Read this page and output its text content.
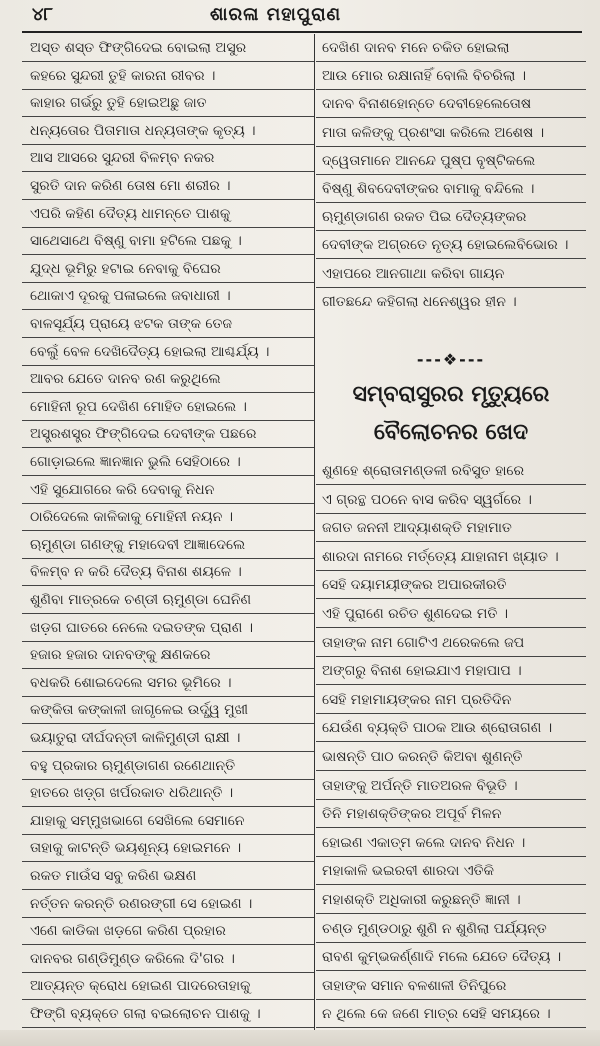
୪୮	ଶାରଳା ମହାପୁରାଣ
ଅସ୍ତ ଶସ୍ତ ଫିଙ୍ଗିଦେଇ ବୋଇଲା ଅସୁର
କହରେ ସୁନ୍ଦରୀ ତୁହି କାରନା ରୀବର ।
କାହାର ଗର୍ଭରୁ ତୁହି ହୋଇଅଛୁ ଜାତ
ଧନ୍ୟତୋର ପିତାମାତା ଧନ୍ୟତାଙ୍କ କୃତ୍ୟ ।
ଆସ ଆସରେ ସୁନ୍ଦରୀ ବିଳମ୍ବ ନକର
ସୁରତି ଦାନ କରିଣ ତୋଷ ମୋ ଶରୀର ।
ଏପରି କହିଣ ଦୈତ୍ୟ ଧାମନ୍ତେ ପାଶକୁ
ସାଥେସାଥେ ବିଷ୍ଣୁ ବାମା ହଟିଲେ ପଛକୁ ।
ଯୁଦ୍ଧ ଭୂମିରୁ ହଟାଇ ନେବାକୁ ବିଘେର
ଥୋକାଏ ଦୂରକୁ ପଳାଇଲେ ଜବାଧାରୀ ।
ବାଳସୂର୍ଯ୍ୟ ପ୍ରାୟେ ଝଟକ ତାଙ୍କ ତେଜ
ବେଲୁଁ ବେଳ ଦେଖିଦୈତ୍ୟ ହୋଇଲା ଆଶ୍ଚର୍ଯ୍ୟ ।
ଆବର ଯେତେ ଦାନବ ରଣ କରୁଥିଲେ
ମୋହିନୀ ରୂପ ଦେଖିଣ ମୋହିତ ହୋଇଲେ ।
ଅସ୍ତ୍ରଶସ୍ତ୍ର ଫିଙ୍ଗିଦେଇ ଦେବୀଙ୍କ ପଛରେ
ଗୋଡ଼ାଇଲେ ଜ୍ଞାନଜ୍ଞାନ ଭୁଲି ସେହିଠାରେ ।
ଏହି ସୁଯୋଗରେ କରି ଦେବାକୁ ନିଧନ
ଠାରିଦେଲେ କାଳିକାକୁ ମୋହିନୀ ନୟନ ।
ଋମୁଣ୍ଡା ଗଣଙ୍କୁ ମହାଦେବୀ ଆଜ୍ଞାଦେଲେ
ବିଳମ୍ବ ନ କରି ଦୈତ୍ୟ ବିନାଶ ଶୟଳେ ।
ଶୁଣିବା ମାତ୍ରକେ ଚଣ୍ଡୀ ଋମୁଣ୍ଡା ଘେନିଣ
ଖଡ଼ଗ ଘାତରେ ନେଲେ ଦଇତଙ୍କ ପ୍ରାଣ ।
ହଜାର ହଜାର ଦାନବଙ୍କୁ କ୍ଷଣକରେ
ବଧକରି ଶୋଇଦେଲେ ସମର ଭୂମିରେ ।
କଙ୍କିତା କଙ୍କାଳୀ ଜାଗୃଳେଇ ଉର୍ଦ୍ଧ୍ୱ ମୁଖୀ
ଭୟାତୁରା ଦୀର୍ଘଦନ୍ତୀ କାଳିମୁଣ୍ଡୀ ରାକ୍ଷୀ ।
ବହୁ ପ୍ରକାର ଋମୁଣ୍ଡାଗଣ ରଣେଥାନ୍ତି
ହାତରେ ଖଡ଼୍ଗ ଖର୍ପରକାତ ଧରିଥାନ୍ତି ।
ଯାହାକୁ ସମ୍ମୁଖଭାଗେ ସେଖିଲେ ସେମାନେ
ତାହାକୁ କାଟନ୍ତି ଭୟଶୂନ୍ୟ ହୋଇମନେ ।
ରକତ ମାଉଁସ ସବୁ କରିଣ ଭକ୍ଷଣ
ନର୍ତ୍ତନ କରନ୍ତି ରଣରଙ୍ଗୀ ସେ ହୋଇଣ ।
ଏଣେ କାଡିକା ଖଡ଼ଗେ କରିଣ ପ୍ରହାର
ଦାନବର ଗଣ୍ଡିମୁଣ୍ଡ କରିଲେ ଦି'ଗର ।
ଆତ୍ୟନ୍ତ କ୍ରୋଧ ହୋଇଣ ପାଦରେତାହାକୁ
ଫିଙ୍ଗି ବ୍ୟକ୍ତେ ଗଲା ବଇଲୋଚନ ପାଶକୁ ।
---❖---
ସମ୍ବରାସୁରର ମୃତ୍ୟୁରେ
ବୈଲୋଚନର ଖେଦ
ଦେଖିଣ ଦାନବ ମନେ ଚକିତ ହୋଇଲା
ଆଉ ମୋର ରକ୍ଷାନାହିଁ ବୋଲି ବିଚରିଲା ।
ଦାନବ ବିନାଶହୋନ୍ତେ ଦେବୀହେଲେତୋଷ
ମାତା କଳିଙ୍କୁ ପ୍ରଶଂସା କରିଲେ ଅଶେଷ ।
ଦ୍ୱେତାମାନେ ଆନନ୍ଦେ ପୁଷ୍ପ ବୃଷ୍ଟିକଲେ
ବିଷ୍ଣୁ ଶିବଦେବୀଙ୍କର ବାମାକୁ ବନ୍ଦିଲେ ।
ଋମୁଣ୍ଡାଗଣ ରକତ ପିଇ ଦୈତ୍ୟଙ୍କର
ଦେବୀଙ୍କ ଅଗ୍ରତେ ନୃତ୍ୟ ହୋଇଲେବିଭୋର ।
ଏହାପରେ ଆନଗାଥା କରିବା ଗାୟନ
ଗୀତଛନ୍ଦେ କହିଗଲା ଧନେଶ୍ୱର ହୀନ ।
ଶୁଣହେ ଶ୍ରୋତାମଣ୍ଡଳୀ ରବିସୁତ ହାରେ
ଏ ଗ୍ରନ୍ଥ ପଠନେ ବାସ କରିବ ସ୍ୱର୍ଗରେ ।
ଜଗତ ଜନନୀ ଆଦ୍ୟାଶକ୍ତି ମହାମାତ
ଶାରଦା ନାମରେ ମର୍ତ୍ତ୍ୟେ ଯାହାନାମ ଖ୍ୟାତ ।
ସେହି ଦୟାମୟୀଙ୍କର ଅପାରକୀରତି
ଏହି ପୁରାଣେ ରଚିତ ଶୁଣଦେଇ ମତି ।
ତାହାଙ୍କ ନାମ ଗୋଟିଏ ଥରେକଲେ ଜପ
ଅଙ୍ଗରୁ ବିନାଶ ହୋଇଯାଏ ମହାପାପ ।
ସେହି ମହାମାୟଙ୍କର ନାମ ପ୍ରତିଦିନ
ଯେଉଁଣ ବ୍ୟକ୍ତି ପାଠକ ଆଉ ଶ୍ରୋତାଗଣ ।
ଭାଷନ୍ତି ପାଠ କରନ୍ତି କିଅବା ଶୁଣନ୍ତି
ତାହାଙ୍କୁ ଅର୍ପନ୍ତି ମାତଅରଳ ବିଭୂତି ।
ତିନି ମହାଶକ୍ତିଙ୍କର ଅପୂର୍ବ ମିଳନ
ହୋଇଣ ଏକାତ୍ମ କଲେ ଦାନବ ନିଧନ ।
ମହାକାଳି ଭଇରବୀ ଶାରଦା ଏତିକି
ମହାଶକ୍ତି ଅଧିକାରୀ କରୁଛନ୍ତି ଜ୍ଞାନୀ ।
ଚଣ୍ଡ ମୁଣ୍ଡଠାରୁ ଶୁଣି ନ ଶୁଣିଲା ପର୍ଯ୍ୟନ୍ତ
ରାବଣ କୁମ୍ଭକର୍ଣ୍ଣାଦି ମଲେ ଯେତେ ଦୈତ୍ୟ ।
ତାହାଙ୍କ ସମାନ ବଳଶାଳୀ ତିନିପୁରେ
ନ ଥିଲେ କେ ଜଣେ ମାତ୍ର ସେହି ସମୟରେ ।
